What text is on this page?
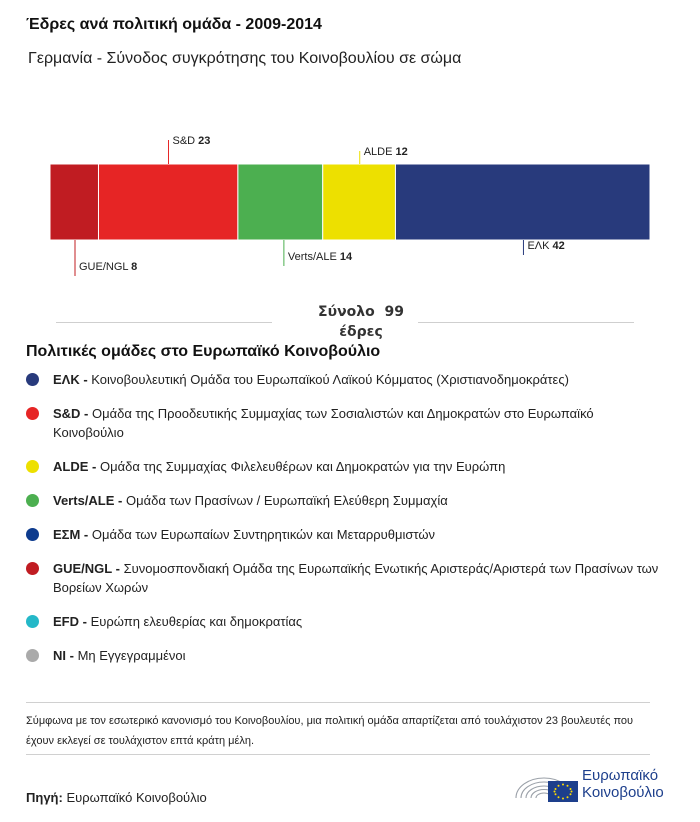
Έδρες ανά πολιτική ομάδα - 2009-2014
Γερμανία - Σύνοδος συγκρότησης του Κοινοβουλίου σε σώμα
GUE/NGL 8
S&D 23
Verts/ALE 14
ALDE 12
ΕΛΚ 42
Σύνολο 99
έδρες
Πολιτικές ομάδες στο Ευρωπαϊκό Κοινοβούλιο
ΕΛΚ - Κοινοβουλευτική Ομάδα του Ευρωπαϊκού Λαϊκού Κόμματος (Χριστιανοδημοκράτες)
S&D - Ομάδα της Προοδευτικής Συμμαχίας των Σοσιαλιστών και Δημοκρατών στο Ευρωπαϊκό Κοινοβούλιο
ALDE - Ομάδα της Συμμαχίας Φιλελευθέρων και Δημοκρατών για την Ευρώπη
Verts/ALE - Ομάδα των Πρασίνων / Ευρωπαϊκή Ελεύθερη Συμμαχία
ΕΣΜ - Ομάδα των Ευρωπαίων Συντηρητικών και Μεταρρυθμιστών
GUE/NGL - Συνομοσπονδιακή Ομάδα της Ευρωπαϊκής Ενωτικής Αριστεράς/Αριστερά των Πρασίνων των Βορείων Χωρών
EFD - Ευρώπη ελευθερίας και δημοκρατίας
NI - Μη Εγγεγραμμένοι
Σύμφωνα με τον εσωτερικό κανονισμό του Κοινοβουλίου, μια πολιτική ομάδα απαρτίζεται από τουλάχιστον 23 βουλευτές που έχουν εκλεγεί σε τουλάχιστον επτά κράτη μέλη.
Πηγή: Ευρωπαϊκό Κοινοβούλιο
Ευρωπαϊκό
Κοινοβούλιο
